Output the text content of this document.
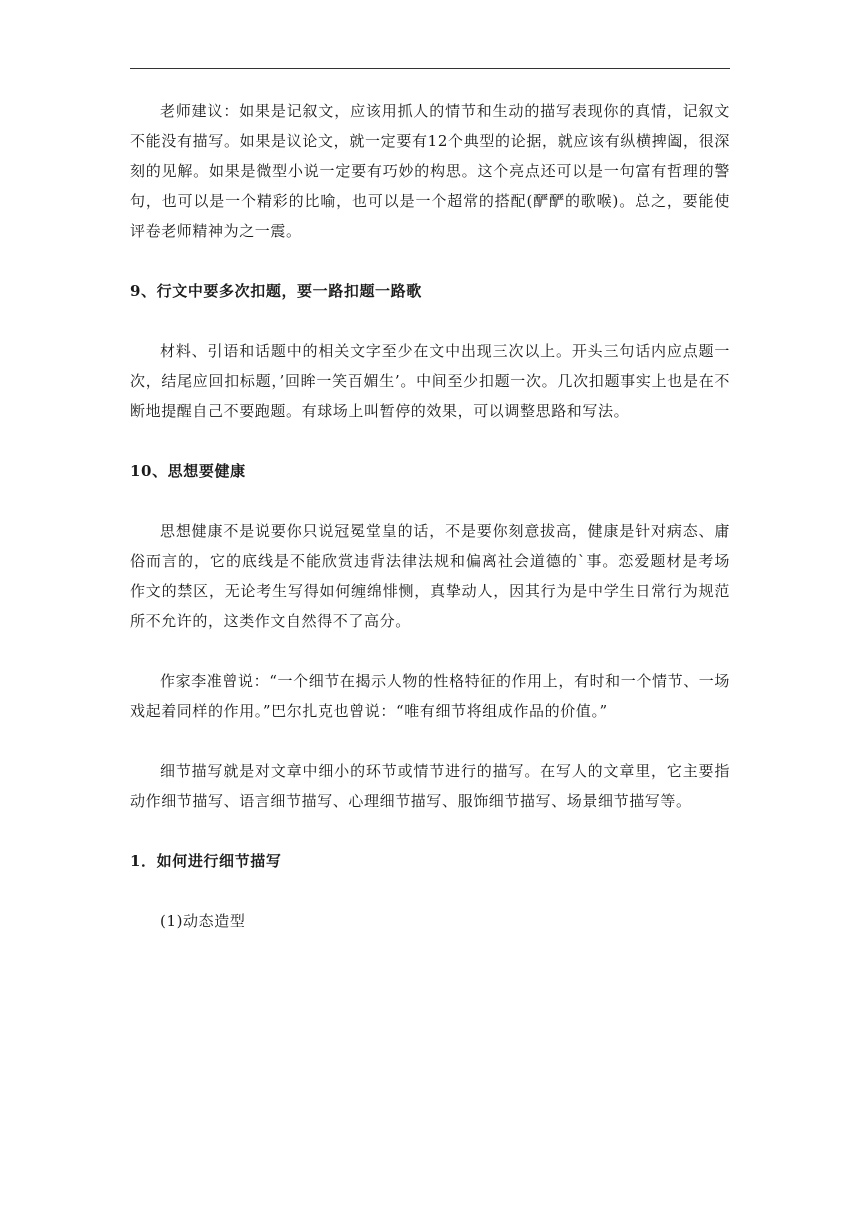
老师建议：如果是记叙文，应该用抓人的情节和生动的描写表现你的真情，记叙文不能没有描写。如果是议论文，就一定要有12个典型的论据，就应该有纵横捭阖，很深刻的见解。如果是微型小说一定要有巧妙的构思。这个亮点还可以是一句富有哲理的警句，也可以是一个精彩的比喻，也可以是一个超常的搭配(酽酽的歌喉)。总之，要能使评卷老师精神为之一震。

9、行文中要多次扣题，要一路扣题一路歌

材料、引语和话题中的相关文字至少在文中出现三次以上。开头三句话内应点题一次，结尾应回扣标题，’回眸一笑百媚生’。中间至少扣题一次。几次扣题事实上也是在不断地提醒自己不要跑题。有球场上叫暂停的效果，可以调整思路和写法。

10、思想要健康

思想健康不是说要你只说冠冕堂皇的话，不是要你刻意拔高，健康是针对病态、庸俗而言的，它的底线是不能欣赏违背法律法规和偏离社会道德的`事。恋爱题材是考场作文的禁区，无论考生写得如何缠绵悱恻，真挚动人，因其行为是中学生日常行为规范所不允许的，这类作文自然得不了高分。

作家李准曾说：“一个细节在揭示人物的性格特征的作用上，有时和一个情节、一场戏起着同样的作用。”巴尔扎克也曾说：“唯有细节将组成作品的价值。”

细节描写就是对文章中细小的环节或情节进行的描写。在写人的文章里，它主要指动作细节描写、语言细节描写、心理细节描写、服饰细节描写、场景细节描写等。

1．如何进行细节描写

(1)动态造型
